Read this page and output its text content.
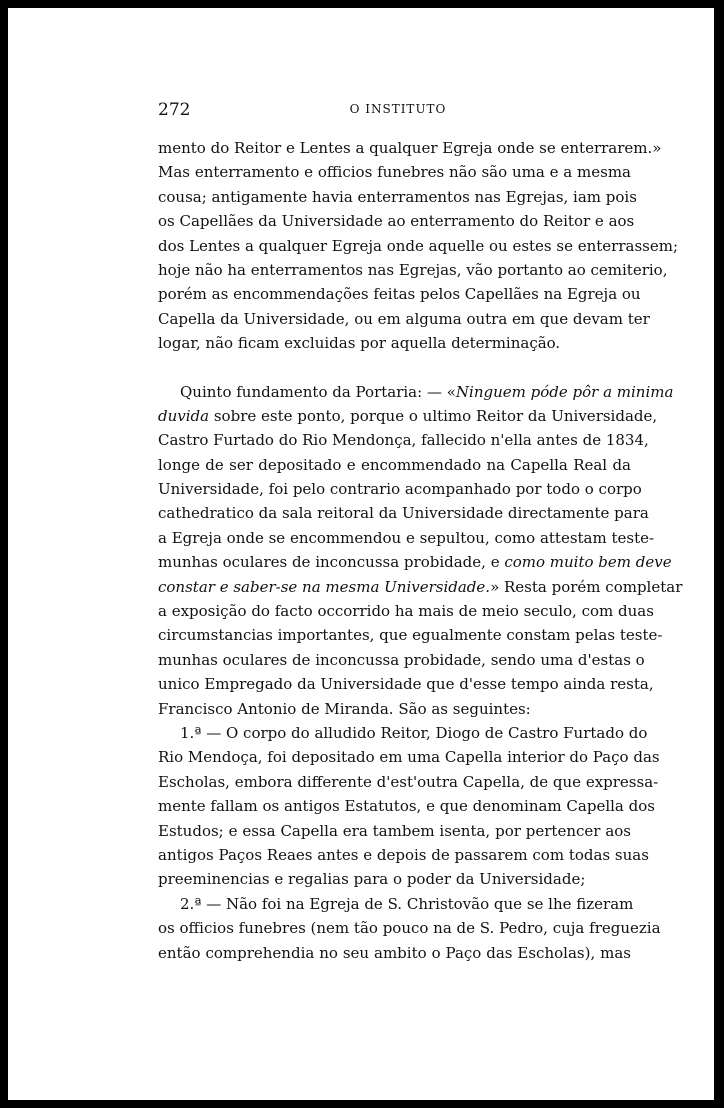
272	O INSTITUTO
mento do Reitor e Lentes a qualquer Egreja onde se enterrarem.»
Mas enterramento e officios funebres não são uma e a mesma
cousa; antigamente havia enterramentos nas Egrejas, iam pois
os Capellães da Universidade ao enterramento do Reitor e aos
dos Lentes a qualquer Egreja onde aquelle ou estes se enterrassem;
hoje não ha enterramentos nas Egrejas, vão portanto ao cemiterio,
porém as encommendações feitas pelos Capellães na Egreja ou
Capella da Universidade, ou em alguma outra em que devam ter
logar, não ficam excluidas por aquella determinação.
Quinto fundamento da Portaria: — «Ninguem póde pôr a minima
duvida sobre este ponto, porque o ultimo Reitor da Universidade,
Castro Furtado do Rio Mendonça, fallecido n'ella antes de 1834,
longe de ser depositado e encommendado na Capella Real da
Universidade, foi pelo contrario acompanhado por todo o corpo
cathedratico da sala reitoral da Universidade directamente para
a Egreja onde se encommendou e sepultou, como attestam teste-
munhas oculares de inconcussa probidade, e como muito bem deve
constar e saber-se na mesma Universidade.» Resta porém completar
a exposição do facto occorrido ha mais de meio seculo, com duas
circumstancias importantes, que egualmente constam pelas teste-
munhas oculares de inconcussa probidade, sendo uma d'estas o
unico Empregado da Universidade que d'esse tempo ainda resta,
Francisco Antonio de Miranda. São as seguintes:
1.ª — O corpo do alludido Reitor, Diogo de Castro Furtado do
Rio Mendoça, foi depositado em uma Capella interior do Paço das
Escholas, embora differente d'est'outra Capella, de que expressa-
mente fallam os antigos Estatutos, e que denominam Capella dos
Estudos; e essa Capella era tambem isenta, por pertencer aos
antigos Paços Reaes antes e depois de passarem com todas suas
preeminencias e regalias para o poder da Universidade;
2.ª — Não foi na Egreja de S. Christovão que se lhe fizeram
os officios funebres (nem tão pouco na de S. Pedro, cuja freguezia
então comprehendia no seu ambito o Paço das Escholas), mas
